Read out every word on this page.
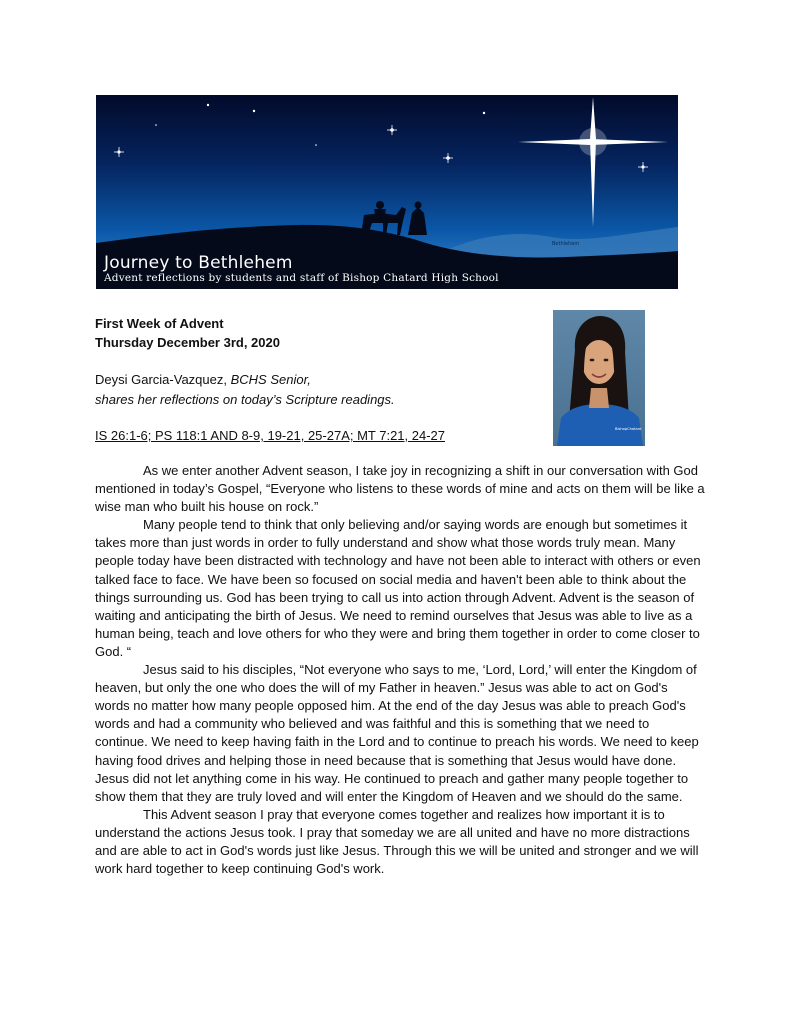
Bethlehem
Journey to Bethlehem
Advent reflections by students and staff of Bishop Chatard High School
First Week of Advent
Thursday December 3rd, 2020
Deysi Garcia-Vazquez, BCHS Senior,
shares her reflections on today’s Scripture readings.
IS 26:1-6; PS 118:1 AND 8-9, 19-21, 25-27A; MT 7:21, 24-27	BishopChatard

As we enter another Advent season, I take joy in recognizing a shift in our conversation with God mentioned in today’s Gospel, “Everyone who listens to these words of mine and acts on them will be like a wise man who built his house on rock.”

Many people tend to think that only believing and/or saying words are enough but sometimes it takes more than just words in order to fully understand and show what those words truly mean. Many people today have been distracted with technology and have not been able to interact with others or even talked face to face. We have been so focused on social media and haven't been able to think about the things surrounding us. God has been trying to call us into action through Advent. Advent is the season of waiting and anticipating the birth of Jesus. We need to remind ourselves that Jesus was able to live as a human being, teach and love others for who they were and bring them together in order to come closer to God. “

Jesus said to his disciples, “Not everyone who says to me, ‘Lord, Lord,’ will enter the Kingdom of heaven, but only the one who does the will of my Father in heaven.” Jesus was able to act on God's words no matter how many people opposed him. At the end of the day Jesus was able to preach God's words and had a community who believed and was faithful and this is something that we need to continue. We need to keep having faith in the Lord and to continue to preach his words. We need to keep having food drives and helping those in need because that is something that Jesus would have done. Jesus did not let anything come in his way. He continued to preach and gather many people together to show them that they are truly loved and will enter the Kingdom of Heaven and we should do the same.

This Advent season I pray that everyone comes together and realizes how important it is to understand the actions Jesus took. I pray that someday we are all united and have no more distractions and are able to act in God's words just like Jesus. Through this we will be united and stronger and we will work hard together to keep continuing God's work.
